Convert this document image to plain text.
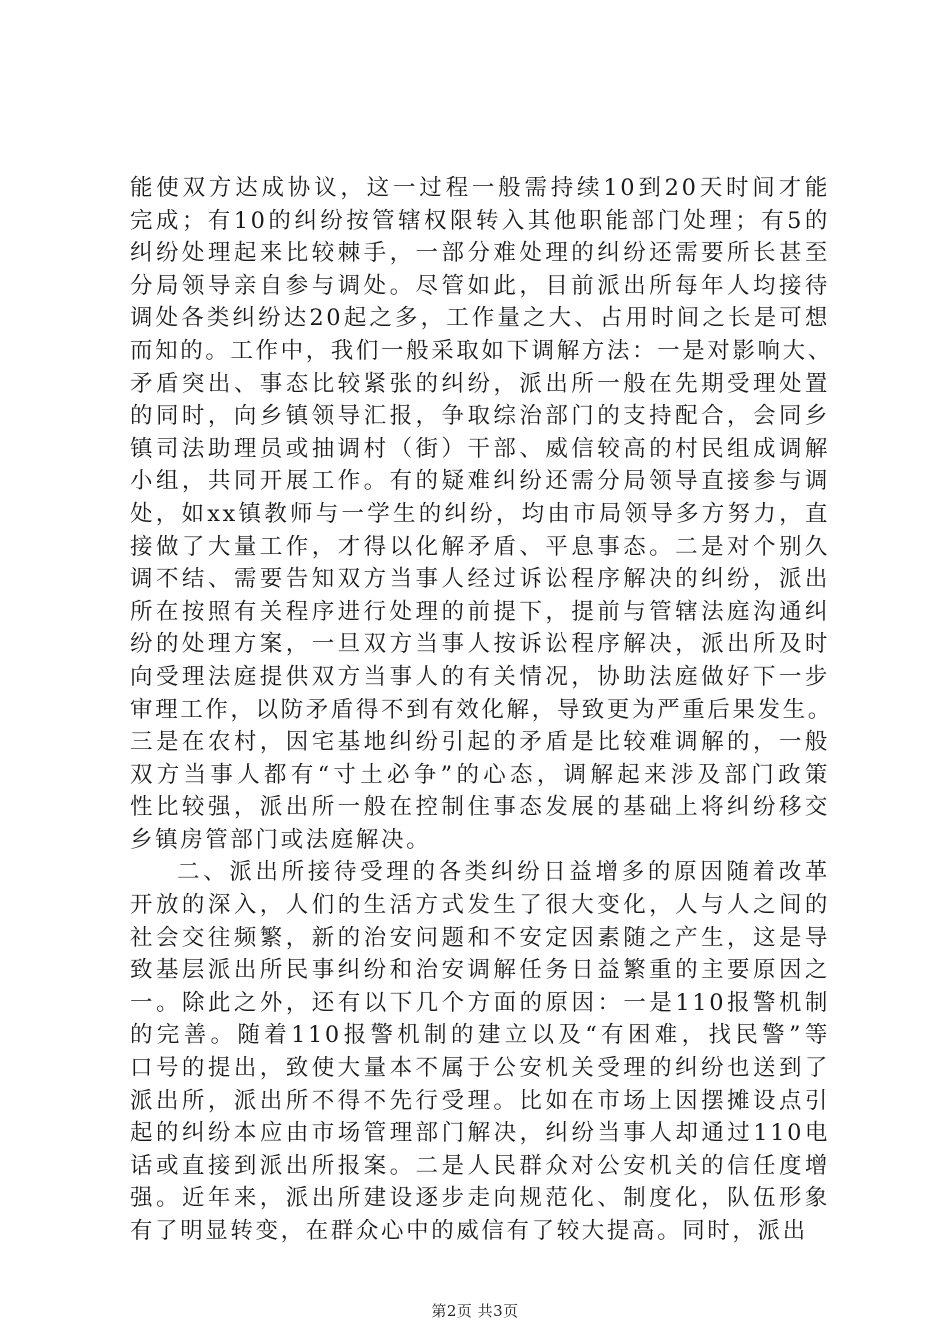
能使双方达成协议，这一过程一般需持续10到20天时间才能
完成；有10的纠纷按管辖权限转入其他职能部门处理；有5的
纠纷处理起来比较棘手，一部分难处理的纠纷还需要所长甚至
分局领导亲自参与调处。尽管如此，目前派出所每年人均接待
调处各类纠纷达20起之多，工作量之大、占用时间之长是可想
而知的。工作中，我们一般采取如下调解方法：一是对影响大、
矛盾突出、事态比较紧张的纠纷，派出所一般在先期受理处置
的同时，向乡镇领导汇报，争取综治部门的支持配合，会同乡
镇司法助理员或抽调村（街）干部、威信较高的村民组成调解
小组，共同开展工作。有的疑难纠纷还需分局领导直接参与调
处，如xx镇教师与一学生的纠纷，均由市局领导多方努力，直
接做了大量工作，才得以化解矛盾、平息事态。二是对个别久
调不结、需要告知双方当事人经过诉讼程序解决的纠纷，派出
所在按照有关程序进行处理的前提下，提前与管辖法庭沟通纠
纷的处理方案，一旦双方当事人按诉讼程序解决，派出所及时
向受理法庭提供双方当事人的有关情况，协助法庭做好下一步
审理工作，以防矛盾得不到有效化解，导致更为严重后果发生。
三是在农村，因宅基地纠纷引起的矛盾是比较难调解的，一般
双方当事人都有“寸土必争”的心态，调解起来涉及部门政策
性比较强，派出所一般在控制住事态发展的基础上将纠纷移交
乡镇房管部门或法庭解决。
二、派出所接待受理的各类纠纷日益增多的原因随着改革
开放的深入，人们的生活方式发生了很大变化，人与人之间的
社会交往频繁，新的治安问题和不安定因素随之产生，这是导
致基层派出所民事纠纷和治安调解任务日益繁重的主要原因之
一。除此之外，还有以下几个方面的原因：一是110报警机制
的完善。随着110报警机制的建立以及“有困难，找民警”等
口号的提出，致使大量本不属于公安机关受理的纠纷也送到了
派出所，派出所不得不先行受理。比如在市场上因摆摊设点引
起的纠纷本应由市场管理部门解决，纠纷当事人却通过110电
话或直接到派出所报案。二是人民群众对公安机关的信任度增
强。近年来，派出所建设逐步走向规范化、制度化，队伍形象
有了明显转变，在群众心中的威信有了较大提高。同时，派出
第2页 共3页
